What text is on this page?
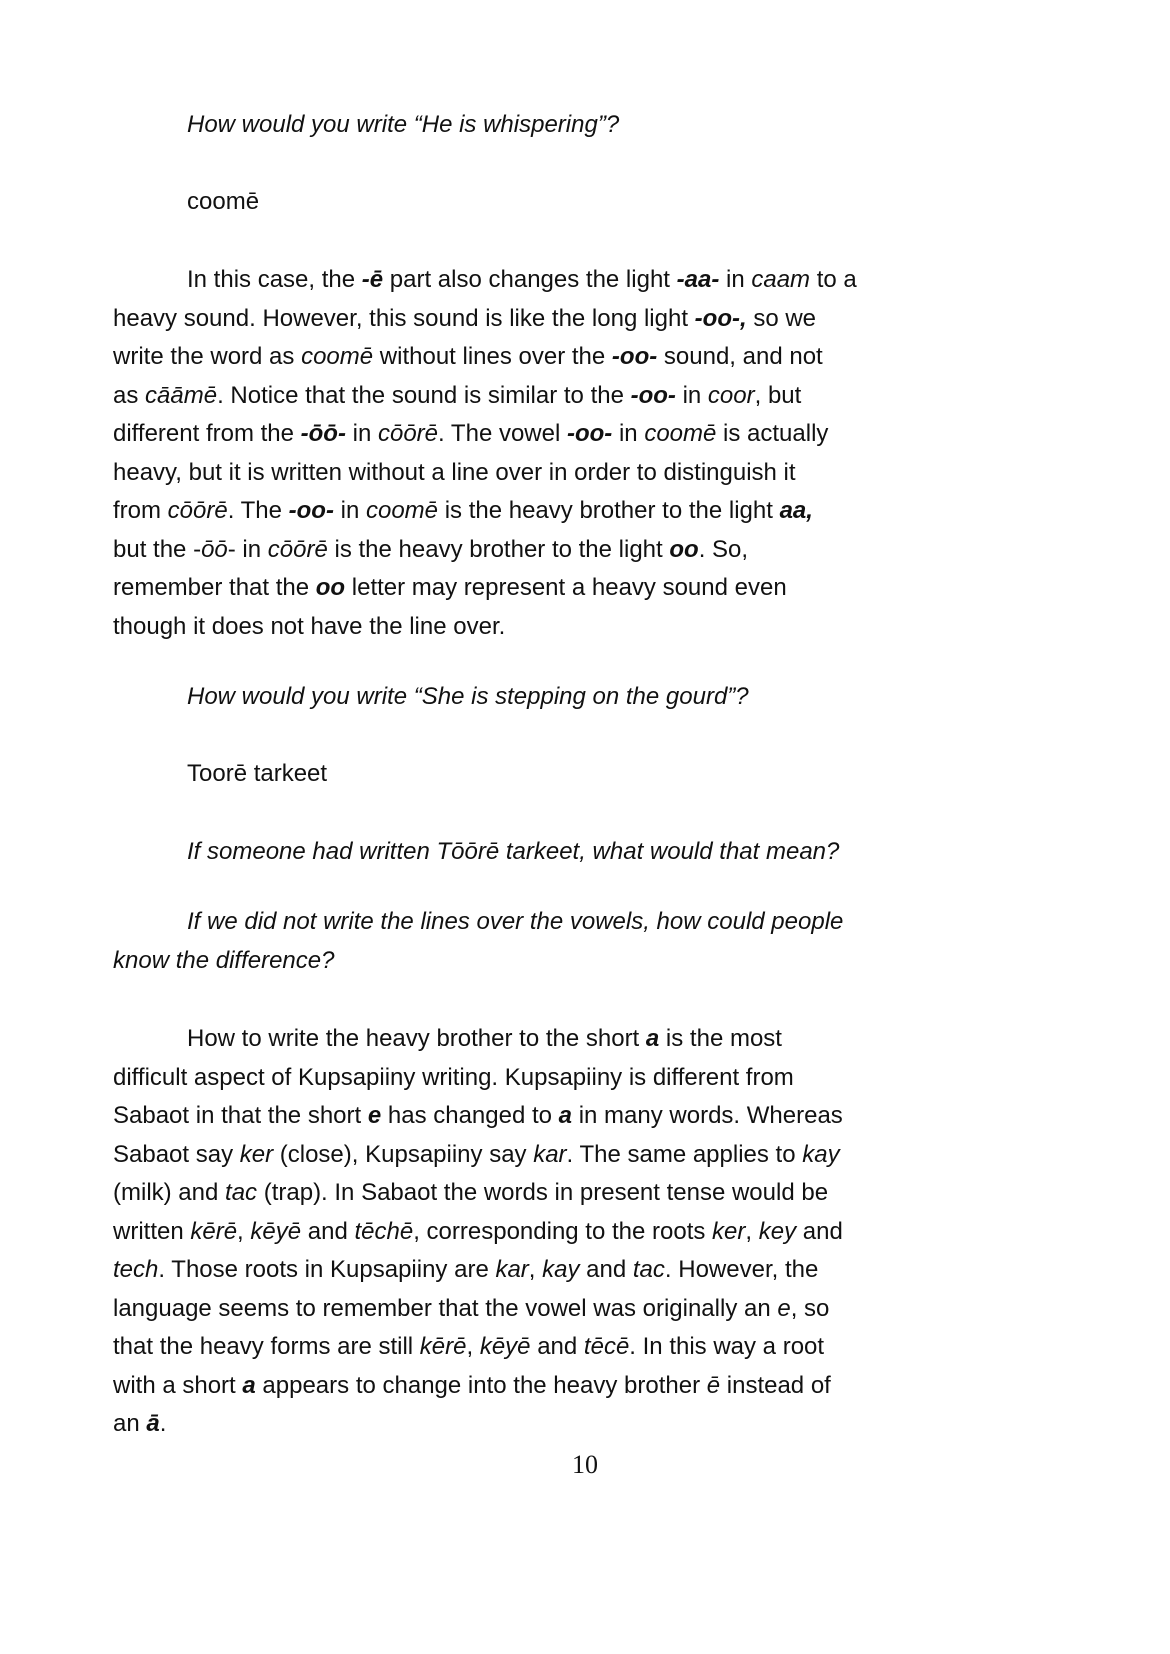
How would you write “He is whispering”?
coomē
In this case, the -ē part also changes the light -aa- in caam to a
heavy sound. However, this sound is like the long light -oo-, so we
write the word as coomē without lines over the -oo- sound, and not
as cāāmē. Notice that the sound is similar to the -oo- in coor, but
different from the -ōō- in cōōrē. The vowel -oo- in coomē is actually
heavy, but it is written without a line over in order to distinguish it
from cōōrē. The -oo- in coomē is the heavy brother to the light aa,
but the -ōō- in cōōrē is the heavy brother to the light oo. So,
remember that the oo letter may represent a heavy sound even
though it does not have the line over.
How would you write “She is stepping on the gourd”?
Toorē tarkeet
If someone had written Tōōrē tarkeet, what would that mean?
If we did not write the lines over the vowels, how could people
know the difference?
How to write the heavy brother to the short a is the most
difficult aspect of Kupsapiiny writing. Kupsapiiny is different from
Sabaot in that the short e has changed to a in many words. Whereas
Sabaot say ker (close), Kupsapiiny say kar. The same applies to kay
(milk) and tac (trap). In Sabaot the words in present tense would be
written kērē, kēyē and tēchē, corresponding to the roots ker, key and
tech. Those roots in Kupsapiiny are kar, kay and tac. However, the
language seems to remember that the vowel was originally an e, so
that the heavy forms are still kērē, kēyē and tēcē. In this way a root
with a short a appears to change into the heavy brother ē instead of
an ā.
10
